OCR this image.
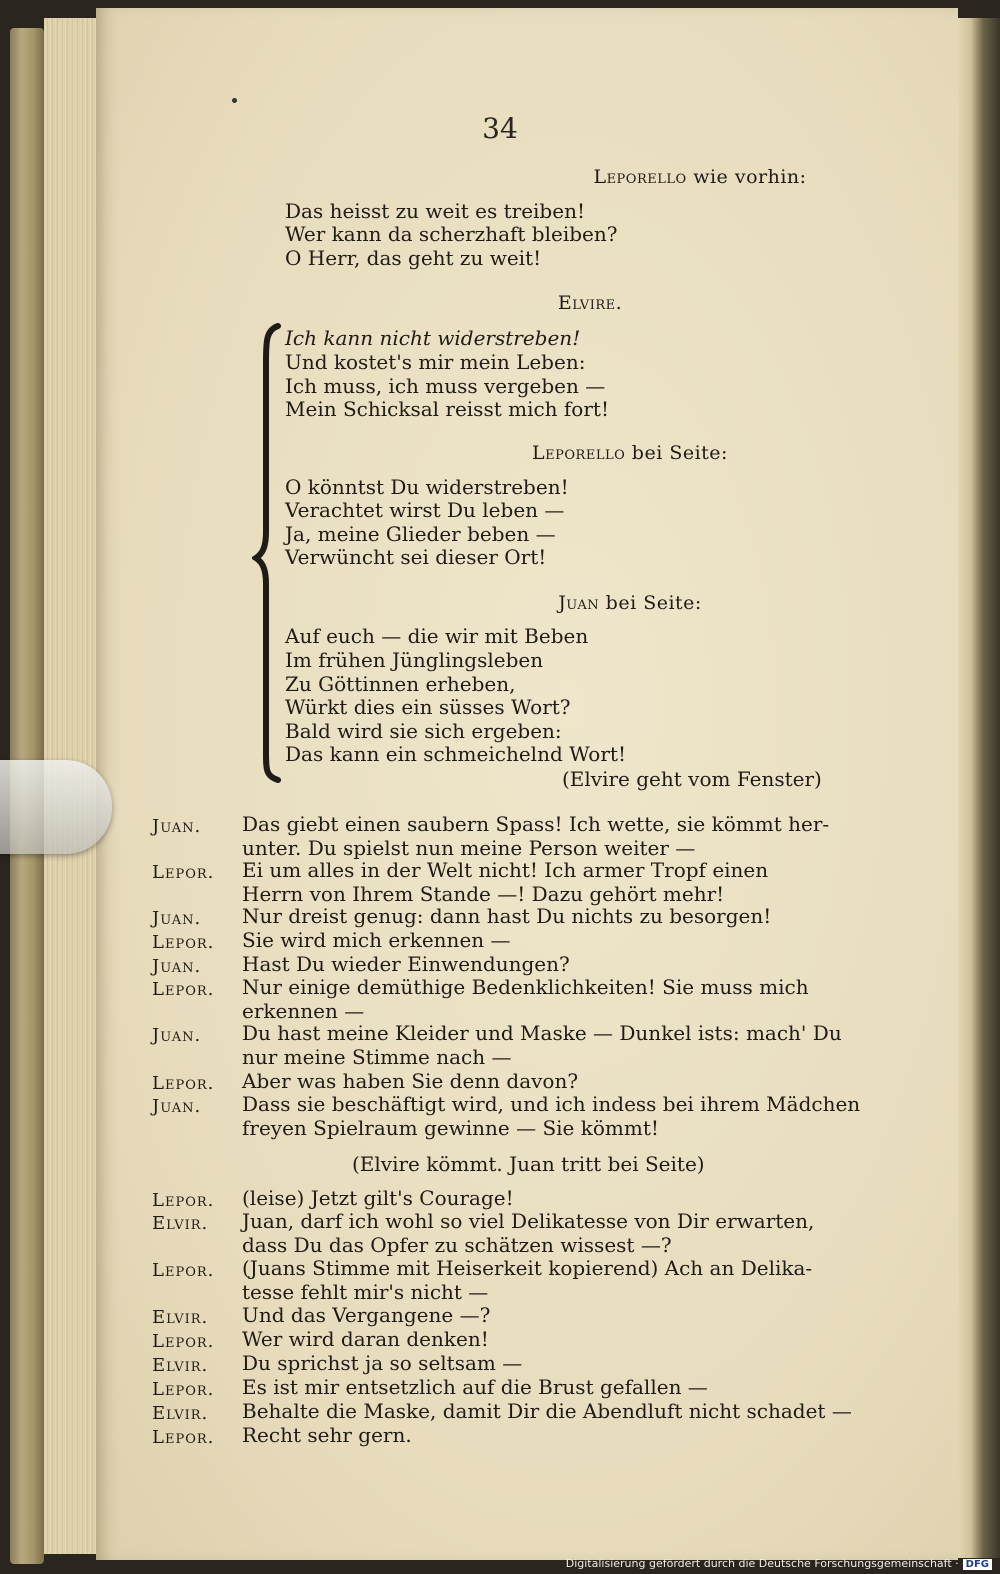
34
Leporello wie vorhin:
Das heisst zu weit es treiben!
Wer kann da scherzhaft bleiben?
O Herr, das geht zu weit!
Elvire.
Ich kann nicht widerstreben!
Und kostet's mir mein Leben:
Ich muss, ich muss vergeben —
Mein Schicksal reisst mich fort!
Leporello bei Seite:
O könntst Du widerstreben!
Verachtet wirst Du leben —
Ja, meine Glieder beben —
Verwüncht sei dieser Ort!
Juan bei Seite:
Auf euch — die wir mit Beben
Im frühen Jünglingsleben
Zu Göttinnen erheben,
Würkt dies ein süsses Wort?
Bald wird sie sich ergeben:
Das kann ein schmeichelnd Wort!
(Elvire geht vom Fenster)
Juan. Das giebt einen saubern Spass! Ich wette, sie kömmt her-
unter. Du spielst nun meine Person weiter —
Lepor. Ei um alles in der Welt nicht! Ich armer Tropf einen
Herrn von Ihrem Stande —! Dazu gehört mehr!
Juan. Nur dreist genug: dann hast Du nichts zu besorgen!
Lepor. Sie wird mich erkennen —
Juan. Hast Du wieder Einwendungen?
Lepor. Nur einige demüthige Bedenklichkeiten! Sie muss mich
erkennen —
Juan. Du hast meine Kleider und Maske — Dunkel ists: mach' Du
nur meine Stimme nach —
Lepor. Aber was haben Sie denn davon?
Juan. Dass sie beschäftigt wird, und ich indess bei ihrem Mädchen
freyen Spielraum gewinne — Sie kömmt!
(Elvire kömmt. Juan tritt bei Seite)
Lepor. (leise) Jetzt gilt's Courage!
Elvir. Juan, darf ich wohl so viel Delikatesse von Dir erwarten,
dass Du das Opfer zu schätzen wissest —?
Lepor. (Juans Stimme mit Heiserkeit kopierend) Ach an Delika-
tesse fehlt mir's nicht —
Elvir. Und das Vergangene —?
Lepor. Wer wird daran denken!
Elvir. Du sprichst ja so seltsam —
Lepor. Es ist mir entsetzlich auf die Brust gefallen —
Elvir. Behalte die Maske, damit Dir die Abendluft nicht schadet —
Lepor. Recht sehr gern.
Digitalisierung gefördert durch die Deutsche Forschungsgemeinschaft · DFG
